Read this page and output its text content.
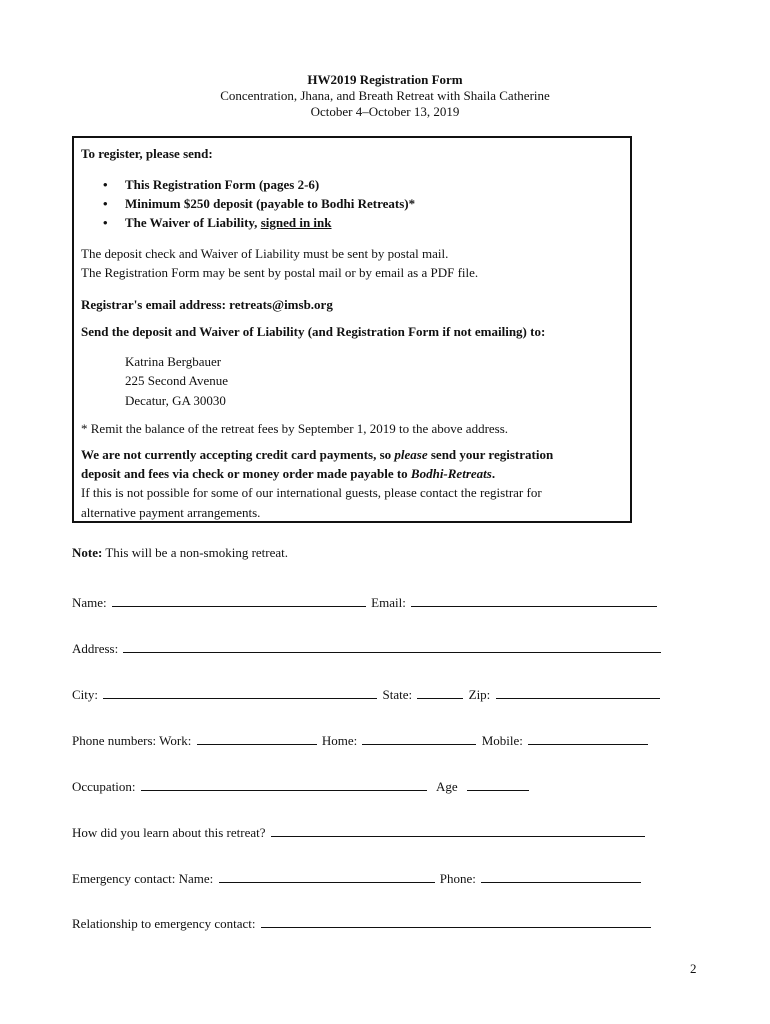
HW2019 Registration Form

Concentration, Jhana, and Breath Retreat with Shaila Catherine

October 4–October 13, 2019

To register, please send:

• This Registration Form (pages 2-6)
• Minimum $250 deposit (payable to Bodhi Retreats)*
• The Waiver of Liability, signed in ink

The deposit check and Waiver of Liability must be sent by postal mail.

The Registration Form may be sent by postal mail or by email as a PDF file.

Registrar's email address: retreats@imsb.org

Send the deposit and Waiver of Liability (and Registration Form if not emailing) to:

Katrina Bergbauer
225 Second Avenue
Decatur, GA 30030

* Remit the balance of the retreat fees by September 1, 2019 to the above address.

We are not currently accepting credit card payments, so please send your registration

deposit and fees via check or money order made payable to Bodhi-Retreats.

If this is not possible for some of our international guests, please contact the registrar for

alternative payment arrangements.

Note: This will be a non-smoking retreat.
Name:	Email:
Address:
City:	State:	Zip:
Phone numbers: Work:	Home:	Mobile:
Occupation:	Age
How did you learn about this retreat?
Emergency contact: Name:	Phone:
Relationship to emergency contact:
2
